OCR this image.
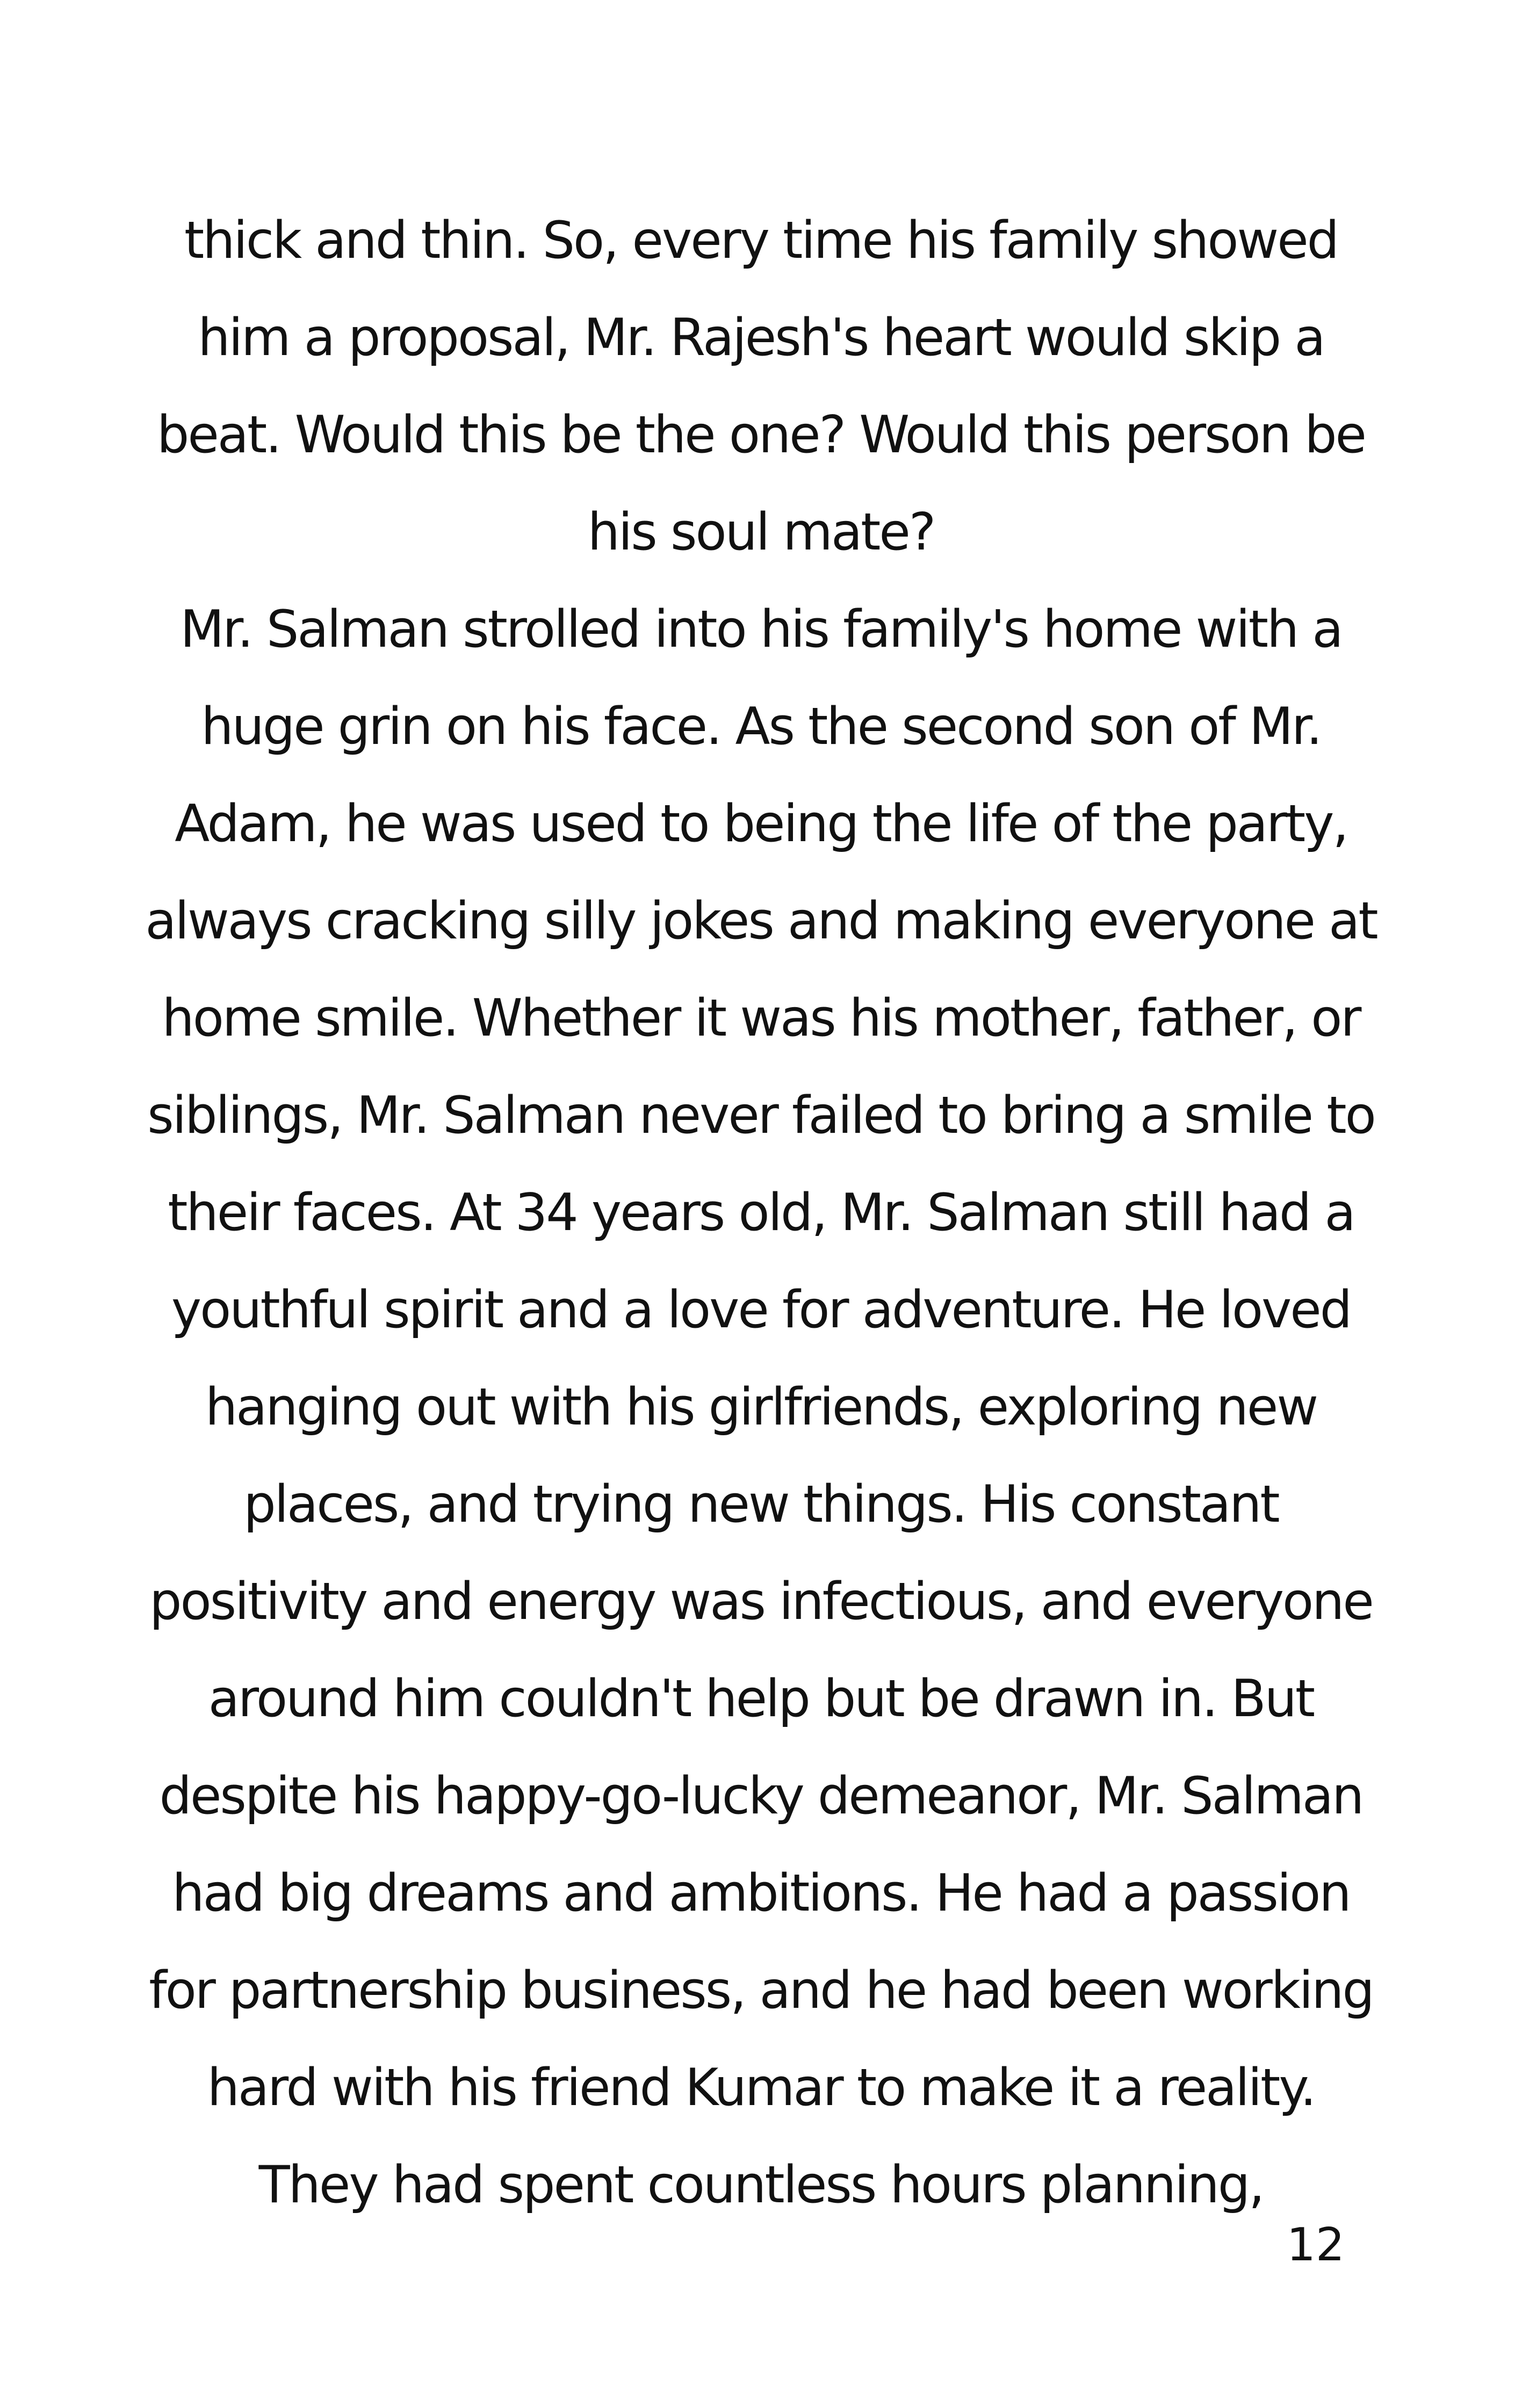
thick and thin. So, every time his family showed
him a proposal, Mr. Rajesh's heart would skip a
beat. Would this be the one? Would this person be
his soul mate?
Mr. Salman strolled into his family's home with a
huge grin on his face. As the second son of Mr.
Adam, he was used to being the life of the party,
always cracking silly jokes and making everyone at
home smile. Whether it was his mother, father, or
siblings, Mr. Salman never failed to bring a smile to
their faces. At 34 years old, Mr. Salman still had a
youthful spirit and a love for adventure. He loved
hanging out with his girlfriends, exploring new
places, and trying new things. His constant
positivity and energy was infectious, and everyone
around him couldn't help but be drawn in. But
despite his happy-go-lucky demeanor, Mr. Salman
had big dreams and ambitions. He had a passion
for partnership business, and he had been working
hard with his friend Kumar to make it a reality.
They had spent countless hours planning,
12
